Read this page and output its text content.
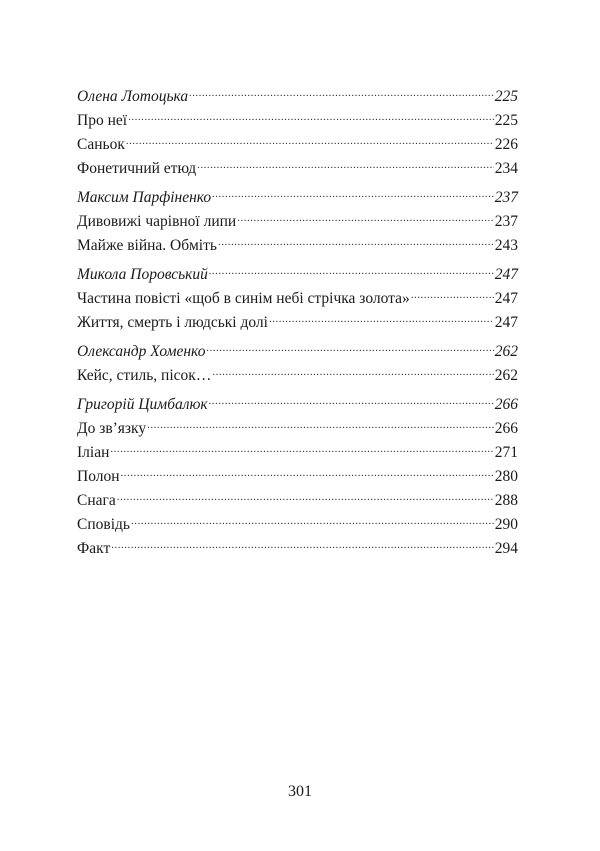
Олена Лотоцька .....	225
Про неї .....	225
Саньок .....	226
Фонетичний етюд .....	234
Максим Парфіненко .....	237
Дивовижі чарівної липи .....	237
Майже війна. Обміть .....	243
Микола Поровський .....	247
Частина повісті «щоб в синім небі стрічка золота» .....	247
Життя, смерть і людські долі .....	247
Олександр Хоменко .....	262
Кейс, стиль, пісок… .....	262
Григорій Цимбалюк .....	266
До зв’язку .....	266
Іліан .....	271
Полон .....	280
Снага .....	288
Сповідь .....	290
Факт .....	294
301
